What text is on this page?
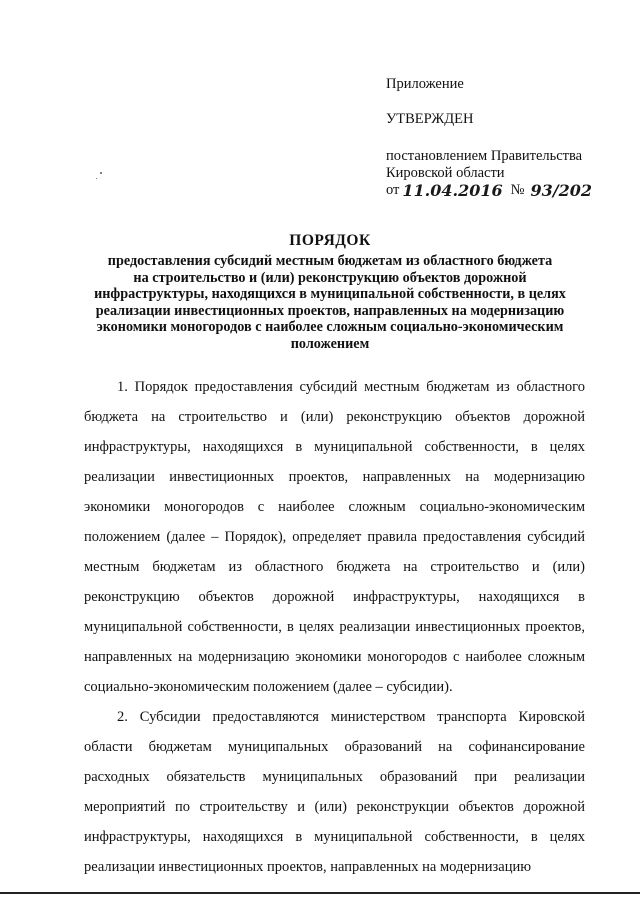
Приложение
УТВЕРЖДЕН
постановлением Правительства
Кировской области
от 11.04.2016 № 93/202
ПОРЯДОК
предоставления субсидий местным бюджетам из областного бюджета
на строительство и (или) реконструкцию объектов дорожной
инфраструктуры, находящихся в муниципальной собственности, в целях
реализации инвестиционных проектов, направленных на модернизацию
экономики моногородов с наиболее сложным социально-экономическим
положением

1. Порядок предоставления субсидий местным бюджетам из областного бюджета на строительство и (или) реконструкцию объектов дорожной инфраструктуры, находящихся в муниципальной собственности, в целях реализации инвестиционных проектов, направленных на модернизацию экономики моногородов с наиболее сложным социально-экономическим положением (далее – Порядок), определяет правила предоставления субсидий местным бюджетам из областного бюджета на строительство и (или) реконструкцию объектов дорожной инфраструктуры, находящихся в муниципальной собственности, в целях реализации инвестиционных проектов, направленных на модернизацию экономики моногородов с наиболее сложным социально-экономическим положением (далее – субсидии).

2. Субсидии предоставляются министерством транспорта Кировской области бюджетам муниципальных образований на софинансирование расходных обязательств муниципальных образований при реализации мероприятий по строительству и (или) реконструкции объектов дорожной инфраструктуры, находящихся в муниципальной собственности, в целях реализации инвестиционных проектов, направленных на модернизацию
